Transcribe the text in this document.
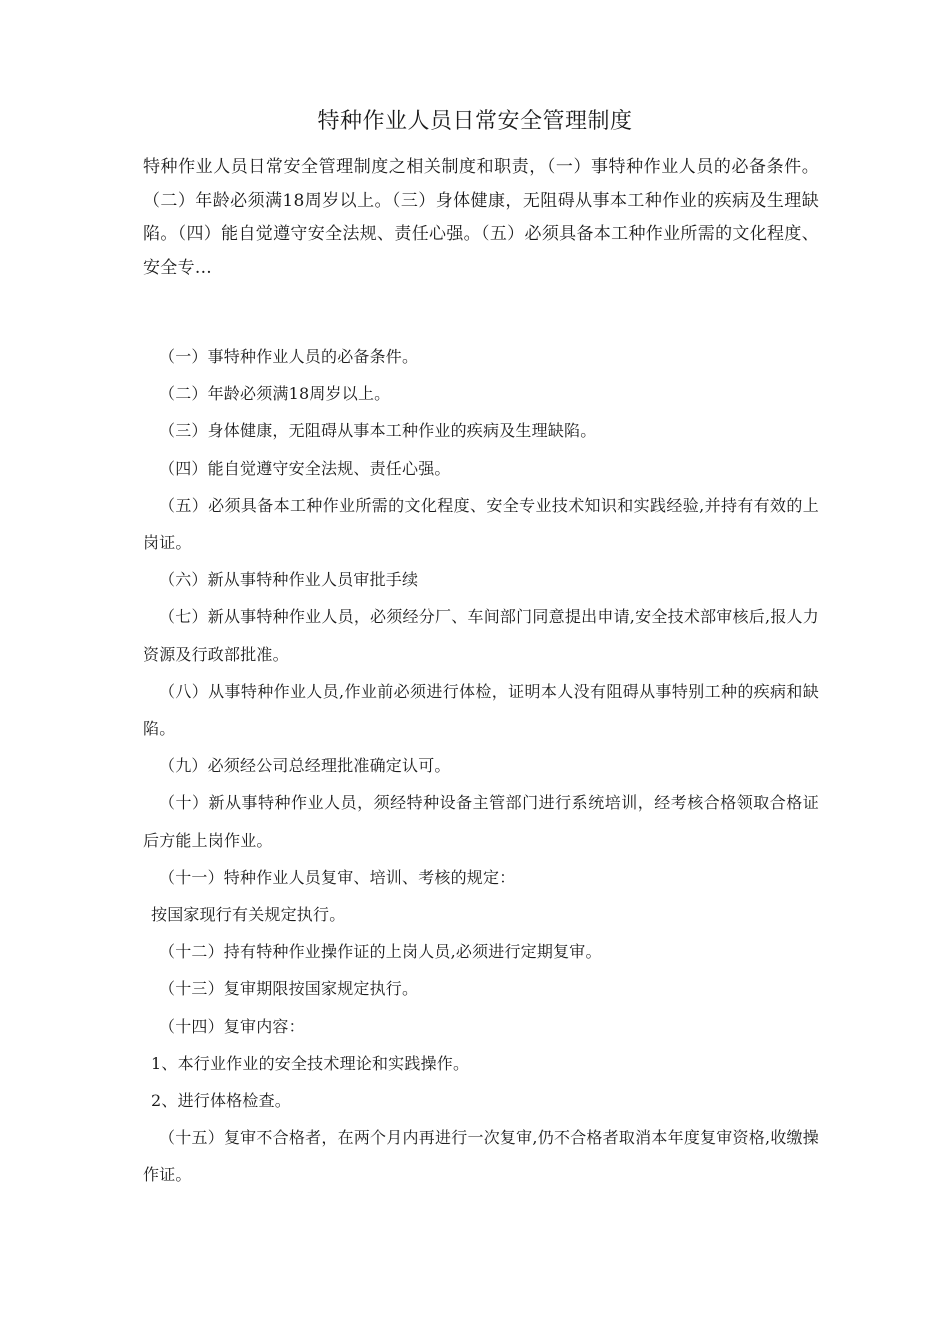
特种作业人员日常安全管理制度

特种作业人员日常安全管理制度之相关制度和职责，（一）事特种作业人员的必备条件。（二）年龄必须满18周岁以上。（三）身体健康，无阻碍从事本工种作业的疾病及生理缺陷。（四）能自觉遵守安全法规、责任心强。（五）必须具备本工种作业所需的文化程度、安全专...

（一）事特种作业人员的必备条件。

（二）年龄必须满18周岁以上。

（三）身体健康，无阻碍从事本工种作业的疾病及生理缺陷。

（四）能自觉遵守安全法规、责任心强。

（五）必须具备本工种作业所需的文化程度、安全专业技术知识和实践经验,并持有有效的上岗证。

（六）新从事特种作业人员审批手续

（七）新从事特种作业人员，必须经分厂、车间部门同意提出申请,安全技术部审核后,报人力资源及行政部批准。

（八）从事特种作业人员,作业前必须进行体检，证明本人没有阻碍从事特别工种的疾病和缺陷。

（九）必须经公司总经理批准确定认可。

（十）新从事特种作业人员，须经特种设备主管部门进行系统培训，经考核合格领取合格证后方能上岗作业。

（十一）特种作业人员复审、培训、考核的规定：

按国家现行有关规定执行。

（十二）持有特种作业操作证的上岗人员,必须进行定期复审。

（十三）复审期限按国家规定执行。

（十四）复审内容：

1、本行业作业的安全技术理论和实践操作。

2、进行体格检查。

（十五）复审不合格者，在两个月内再进行一次复审,仍不合格者取消本年度复审资格,收缴操作证。
